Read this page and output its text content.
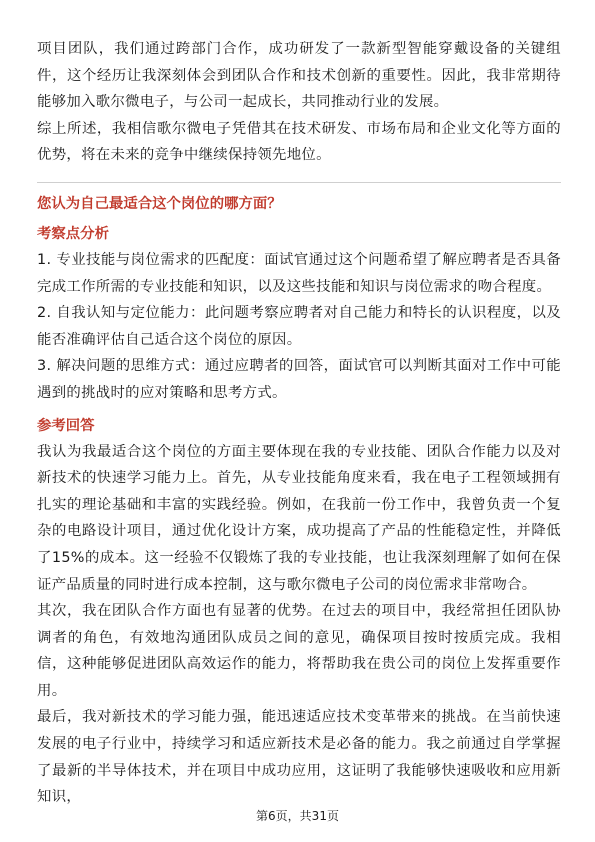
项目团队，我们通过跨部门合作，成功研发了一款新型智能穿戴设备的关键组件，这个经历让我深刻体会到团队合作和技术创新的重要性。因此，我非常期待能够加入歌尔微电子，与公司一起成长，共同推动行业的发展。

综上所述，我相信歌尔微电子凭借其在技术研发、市场布局和企业文化等方面的优势，将在未来的竞争中继续保持领先地位。

您认为自己最适合这个岗位的哪方面？

考察点分析

1. 专业技能与岗位需求的匹配度：面试官通过这个问题希望了解应聘者是否具备完成工作所需的专业技能和知识，以及这些技能和知识与岗位需求的吻合程度。

2. 自我认知与定位能力：此问题考察应聘者对自己能力和特长的认识程度，以及能否准确评估自己适合这个岗位的原因。

3. 解决问题的思维方式：通过应聘者的回答，面试官可以判断其面对工作中可能遇到的挑战时的应对策略和思考方式。

参考回答

我认为我最适合这个岗位的方面主要体现在我的专业技能、团队合作能力以及对新技术的快速学习能力上。首先，从专业技能角度来看，我在电子工程领域拥有扎实的理论基础和丰富的实践经验。例如，在我前一份工作中，我曾负责一个复杂的电路设计项目，通过优化设计方案，成功提高了产品的性能稳定性，并降低了15%的成本。这一经验不仅锻炼了我的专业技能，也让我深刻理解了如何在保证产品质量的同时进行成本控制，这与歌尔微电子公司的岗位需求非常吻合。

其次，我在团队合作方面也有显著的优势。在过去的项目中，我经常担任团队协调者的角色，有效地沟通团队成员之间的意见，确保项目按时按质完成。我相信，这种能够促进团队高效运作的能力，将帮助我在贵公司的岗位上发挥重要作用。

最后，我对新技术的学习能力强，能迅速适应技术变革带来的挑战。在当前快速发展的电子行业中，持续学习和适应新技术是必备的能力。我之前通过自学掌握了最新的半导体技术，并在项目中成功应用，这证明了我能够快速吸收和应用新知识，

第6页，共31页
